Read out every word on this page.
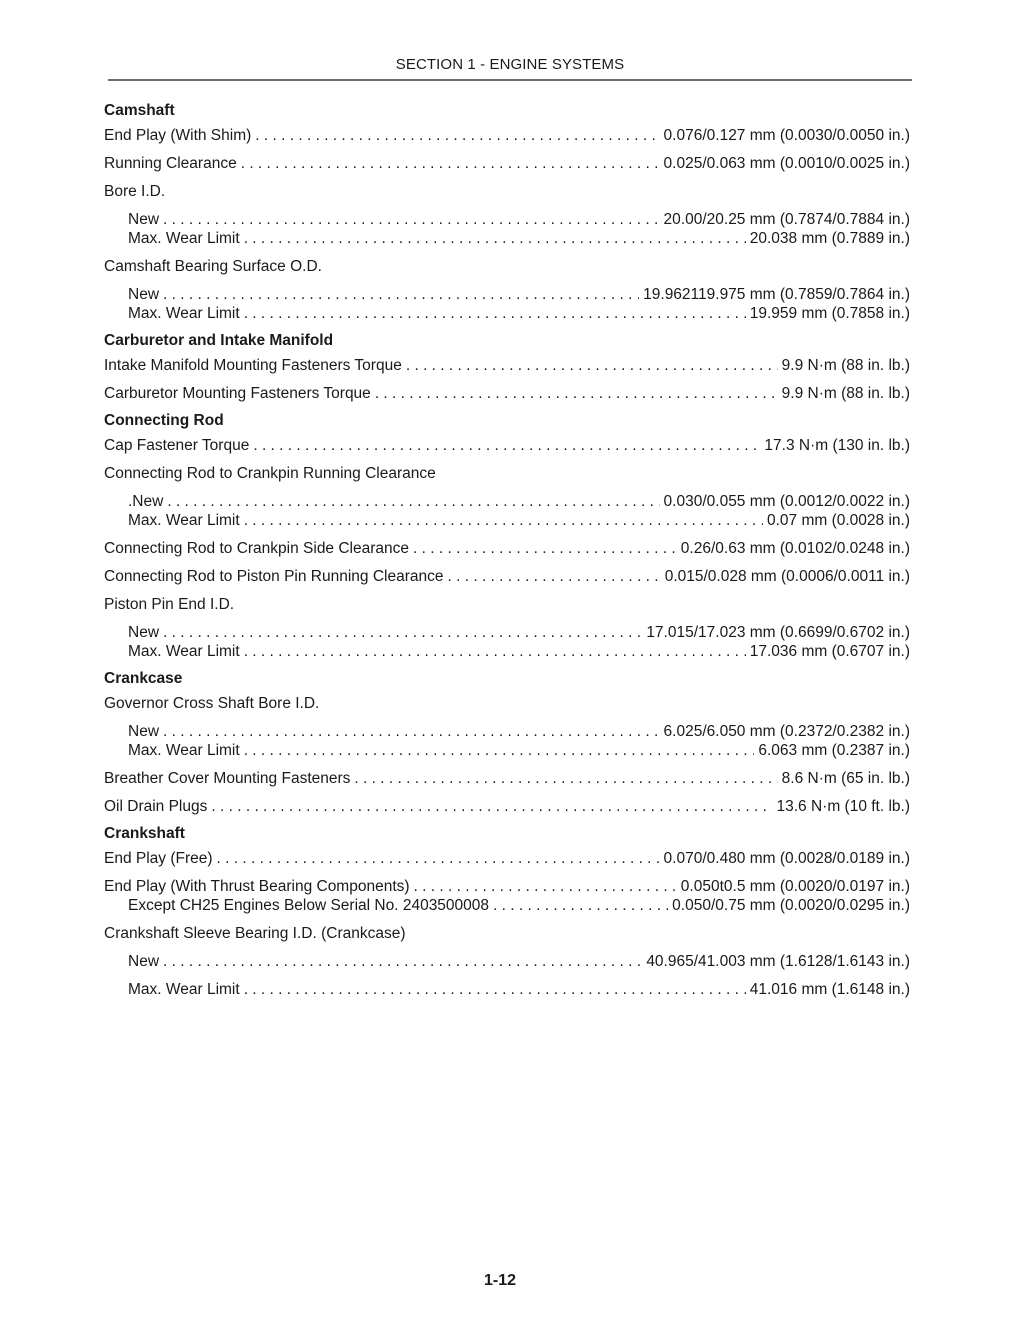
SECTION 1 - ENGINE SYSTEMS
Camshaft
End Play (With Shim) . . .	0.076/0.127 mm (0.0030/0.0050 in.)
Running Clearance . . .	0.025/0.063 mm (0.0010/0.0025 in.)
Bore I.D.
New . . .	20.00/20.25 mm (0.7874/0.7884 in.)
Max. Wear Limit . . .	20.038 mm (0.7889 in.)
Camshaft Bearing Surface O.D.
New . . .	19.962119.975 mm (0.7859/0.7864 in.)
Max. Wear Limit . . .	19.959 mm (0.7858 in.)
Carburetor and Intake Manifold
Intake Manifold Mounting Fasteners Torque . . .	9.9 N·m (88 in. lb.)
Carburetor Mounting Fasteners Torque . . .	9.9 N·m (88 in. lb.)
Connecting Rod
Cap Fastener Torque . . .	17.3 N·m (130 in. lb.)
Connecting Rod to Crankpin Running Clearance
.New . . .	0.030/0.055 mm (0.0012/0.0022 in.)
Max. Wear Limit . . .	0.07 mm (0.0028 in.)
Connecting Rod to Crankpin Side Clearance . . .	0.26/0.63 mm (0.0102/0.0248 in.)
Connecting Rod to Piston Pin Running Clearance . . .	0.015/0.028 mm (0.0006/0.0011 in.)
Piston Pin End I.D.
New . . .	17.015/17.023 mm (0.6699/0.6702 in.)
Max. Wear Limit . . .	17.036 mm (0.6707 in.)
Crankcase
Governor Cross Shaft Bore I.D.
New . . .	6.025/6.050 mm (0.2372/0.2382 in.)
Max. Wear Limit . . .	6.063 mm (0.2387 in.)
Breather Cover Mounting Fasteners . . .	8.6 N·m (65 in. lb.)
Oil Drain Plugs . . .	13.6 N·m (10 ft. lb.)
Crankshaft
End Play (Free) . . .	0.070/0.480 mm (0.0028/0.0189 in.)
End Play (With Thrust Bearing Components) . . .	0.050t0.5 mm (0.0020/0.0197 in.)
Except CH25 Engines Below Serial No. 2403500008 . . .	0.050/0.75 mm (0.0020/0.0295 in.)
Crankshaft Sleeve Bearing I.D. (Crankcase)
New . . .	40.965/41.003 mm (1.6128/1.6143 in.)
Max. Wear Limit . . .	41.016 mm (1.6148 in.)
1-12
